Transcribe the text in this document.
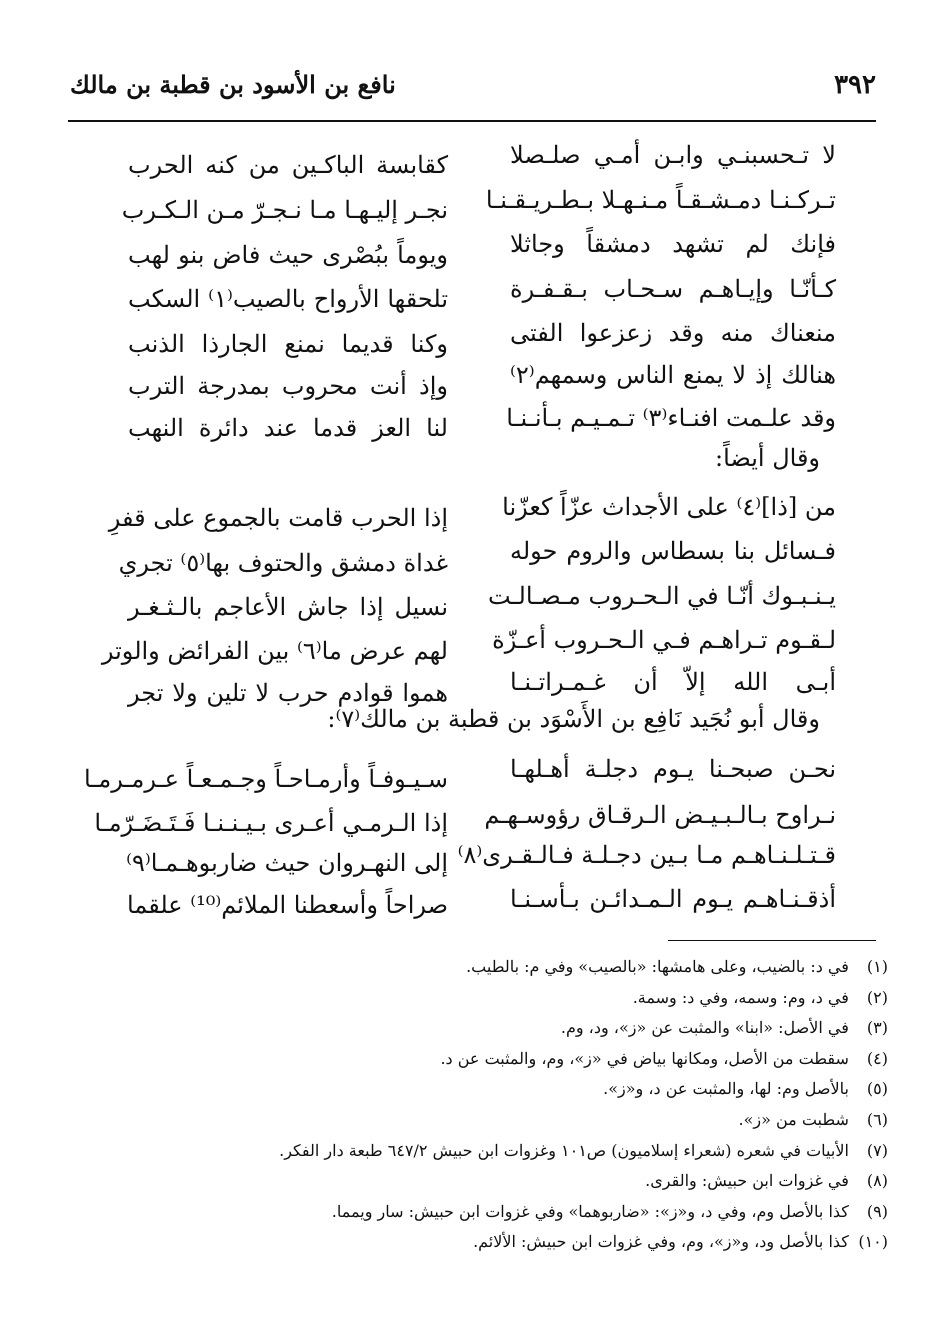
٣٩٢
نافع بن الأسود بن قطبة بن مالك
لا تـحسبنـي وابـن أمـي صلـصلا
كقابسة الباكـين من كنه الحرب
تـركـنـا دمـشـقـاً مـنـهـلا بـطـريـقـنـا
نجـر إليـهـا مـا نـجـرّ مـن الـكـرب
فإنك لم تشهد دمشقاً وجاثلا
ويوماً ببُصْرى حيث فاض بنو لهب
كـأنّـا وإيـاهـم سـحـاب بـقـفـرة
تلحقها الأرواح بالصيب⁽١⁾ السكب
منعناك منه وقد زعزعوا الفتى
وكنا قديما نمنع الجارذا الذنب
هنالك إذ لا يمنع الناس وسمهم⁽٢⁾
وإذ أنت محروب بمدرجة الترب
وقد علـمت افنـاء⁽٣⁾ تـمـيـم بـأنـنـا
لنا العز قدما عند دائرة النهب
وقال أيضاً:
من [ذا]⁽٤⁾ على الأجداث عزّاً كعزّنا
إذا الحرب قامت بالجموع على قفرِ
فـسائل بنا بسطاس والروم حوله
غداة دمشق والحتوف بها⁽٥⁾ تجري
يـنـبـوك أنّـا في الـحـروب مـصـالـت
نسيل إذا جاش الأعاجم بالـثـغـر
لـقـوم تـراهـم فـي الـحـروب أعـزّة
لهم عرض ما⁽٦⁾ بين الفرائض والوتر
أبـى الله إلاّ أن غـمـراتـنـا
هموا قوادم حرب لا تلين ولا تجر
وقال أبو نُجَيد نَافِع بن الأَسْوَد بن قطبة بن مالك⁽٧⁾:
نحـن صبحـنا يـوم دجلـة أهـلهـا
سـيـوفـاً وأرمـاحـاً وجـمـعـاً عـرمـرمـا
نـراوح بـالـبـيـض الـرقـاق رؤوسـهـم
إذا الـرمـي أعـرى بـيـنـنـا فَـتَـضَـرّمـا
قـتـلـنـاهـم مـا بـين دجـلـة فـالـقـرى⁽٨⁾
إلى النهـروان حيث ضاربوهـمـا⁽٩⁾
أذقـنـاهـم يـوم الـمـدائـن بـأسـنـا
صراحاً وأسعطنا الملائم⁽¹⁰⁾ علقما
(١) في د: بالضيب، وعلى هامشها: «بالصيب» وفي م: بالطيب.
(٢) في د، وم: وسمه، وفي د: وسمة.
(٣) في الأصل: «ابنا» والمثبت عن «ز»، ود، وم.
(٤) سقطت من الأصل، ومكانها بياض في «ز»، وم، والمثبت عن د.
(٥) بالأصل وم: لها، والمثبت عن د، و«ز».
(٦) شطبت من «ز».
(٧) الأبيات في شعره (شعراء إسلاميون) ص١٠١ وغزوات ابن حبيش ٦٤٧/٢ طبعة دار الفكر.
(٨) في غزوات ابن حبيش: والقرى.
(٩) كذا بالأصل وم، وفي د، و«ز»: «ضاربوهما» وفي غزوات ابن حبيش: سار ويمما.
(١٠) كذا بالأصل ود، و«ز»، وم، وفي غزوات ابن حبيش: الألائم.
